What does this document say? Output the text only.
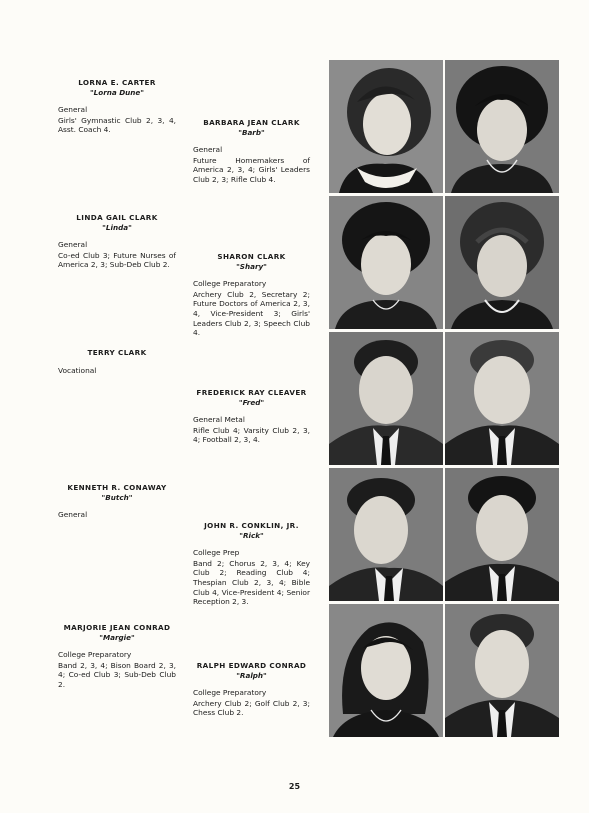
LORNA E. CARTER
"Lorna Dune"
General
Girls' Gymnastic Club 2, 3, 4, Asst. Coach 4.
BARBARA JEAN CLARK
"Barb"
General
Future Homemakers of America 2, 3, 4; Girls' Leaders Club 2, 3; Rifle Club 4.
LINDA GAIL CLARK
"Linda"
General
Co-ed Club 3; Future Nurses of America 2, 3; Sub-Deb Club 2.
SHARON CLARK
"Shary"
College Preparatory
Archery Club 2, Secretary 2; Future Doctors of America 2, 3, 4, Vice-President 3; Girls' Leaders Club 2, 3; Speech Club 4.
TERRY CLARK
Vocational
FREDERICK RAY CLEAVER
"Fred"
General Metal
Rifle Club 4; Varsity Club 2, 3, 4; Football 2, 3, 4.
KENNETH R. CONAWAY
"Butch"
General
JOHN R. CONKLIN, JR.
"Rick"
College Prep
Band 2; Chorus 2, 3, 4; Key Club 2; Reading Club 4; Thespian Club 2, 3, 4; Bible Club 4, Vice-President 4; Senior Reception 2, 3.
MARJORIE JEAN CONRAD
"Margie"
College Preparatory
Band 2, 3, 4; Bison Board 2, 3, 4; Co-ed Club 3; Sub-Deb Club 2.
RALPH EDWARD CONRAD
"Ralph"
College Preparatory
Archery Club 2; Golf Club 2, 3; Chess Club 2.
25
